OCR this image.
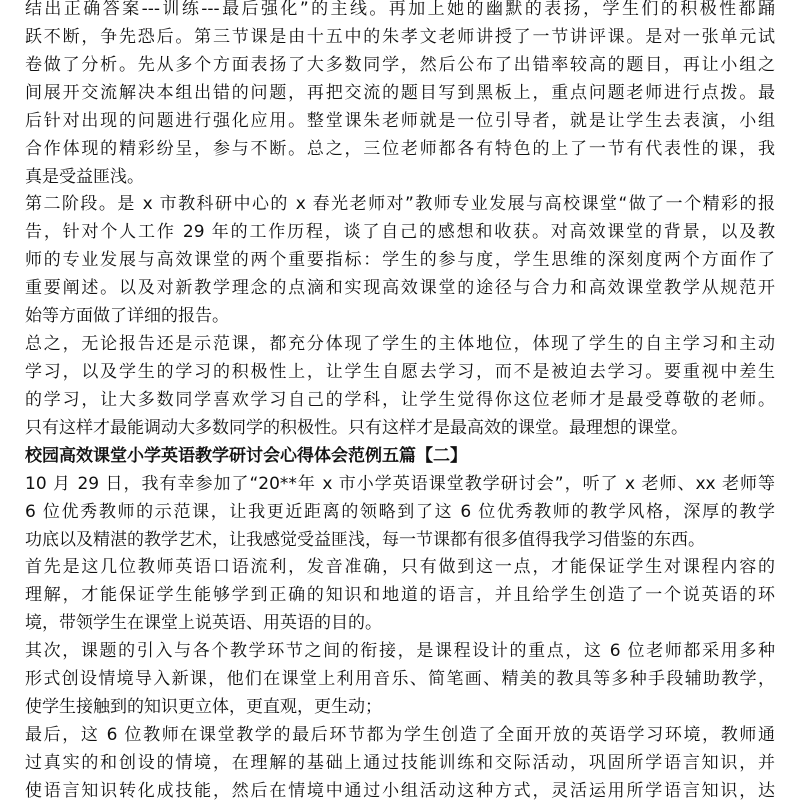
结出正确答案---训练---最后强化”的主线。再加上她的幽默的表扬，学生们的积极性都踊
跃不断，争先恐后。第三节课是由十五中的朱孝文老师讲授了一节讲评课。是对一张单元试
卷做了分析。先从多个方面表扬了大多数同学，然后公布了出错率较高的题目，再让小组之
间展开交流解决本组出错的问题，再把交流的题目写到黑板上，重点问题老师进行点拨。最
后针对出现的问题进行强化应用。整堂课朱老师就是一位引导者，就是让学生去表演，小组
合作体现的精彩纷呈，参与不断。总之，三位老师都各有特色的上了一节有代表性的课，我
真是受益匪浅。
第二阶段。是 x 市教科研中心的 x 春光老师对”教师专业发展与高校课堂“做了一个精彩的报
告，针对个人工作 29 年的工作历程，谈了自己的感想和收获。对高效课堂的背景，以及教
师的专业发展与高效课堂的两个重要指标：学生的参与度，学生思维的深刻度两个方面作了
重要阐述。以及对新教学理念的点滴和实现高效课堂的途径与合力和高效课堂教学从规范开
始等方面做了详细的报告。
总之，无论报告还是示范课，都充分体现了学生的主体地位，体现了学生的自主学习和主动
学习，以及学生的学习的积极性上，让学生自愿去学习，而不是被迫去学习。要重视中差生
的学习，让大多数同学喜欢学习自己的学科，让学生觉得你这位老师才是最受尊敬的老师。
只有这样才最能调动大多数同学的积极性。只有这样才是最高效的课堂。最理想的课堂。
校园高效课堂小学英语教学研讨会心得体会范例五篇【二】
10 月 29 日，我有幸参加了“20**年 x 市小学英语课堂教学研讨会”，听了 x 老师、xx 老师等
6 位优秀教师的示范课，让我更近距离的领略到了这 6 位优秀教师的教学风格，深厚的教学
功底以及精湛的教学艺术，让我感觉受益匪浅，每一节课都有很多值得我学习借鉴的东西。
首先是这几位教师英语口语流利，发音准确，只有做到这一点，才能保证学生对课程内容的
理解，才能保证学生能够学到正确的知识和地道的语言，并且给学生创造了一个说英语的环
境，带领学生在课堂上说英语、用英语的目的。
其次，课题的引入与各个教学环节之间的衔接，是课程设计的重点，这 6 位老师都采用多种
形式创设情境导入新课，他们在课堂上利用音乐、简笔画、精美的教具等多种手段辅助教学，
使学生接触到的知识更立体，更直观，更生动；
最后，这 6 位教师在课堂教学的最后环节都为学生创造了全面开放的英语学习环境，教师通
过真实的和创设的情境，在理解的基础上通过技能训练和交际活动，巩固所学语言知识，并
使语言知识转化成技能，然后在情境中通过小组活动这种方式，灵活运用所学语言知识，达
